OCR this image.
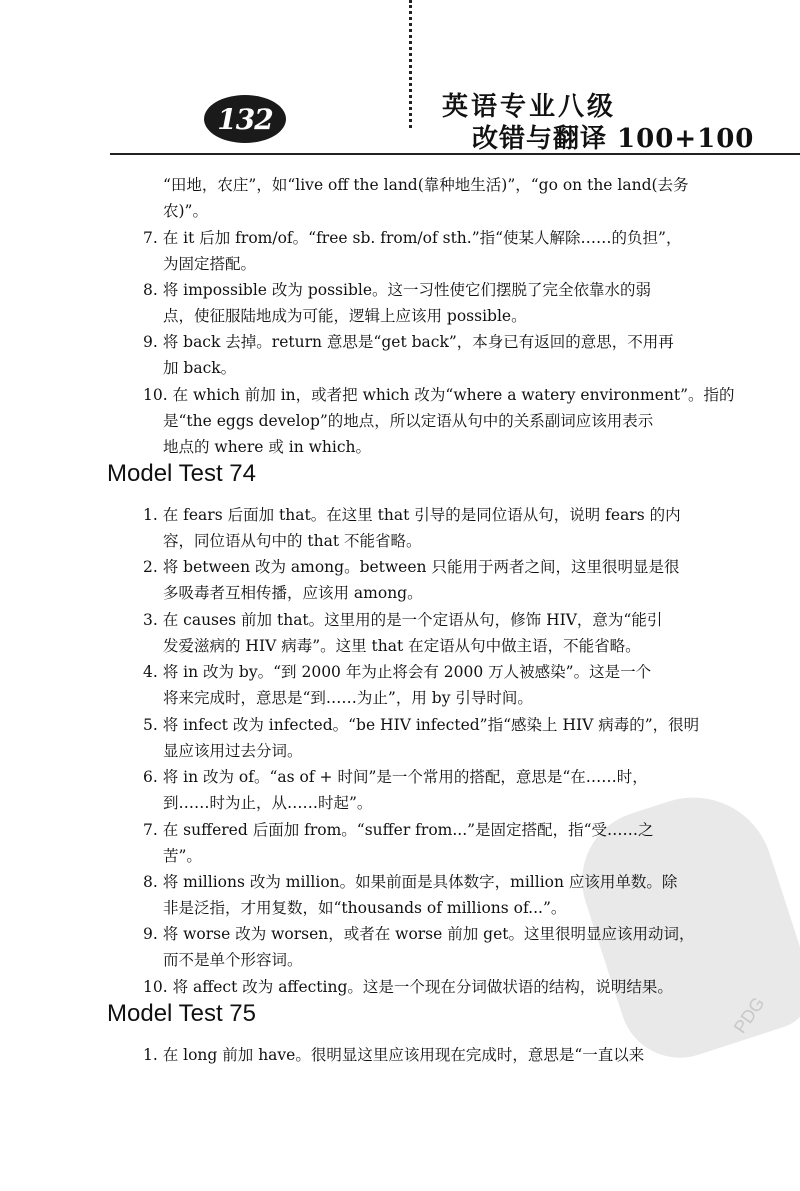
132	英语专业八级
改错与翻译 100+100
PDG
“田地，农庄”，如“live off the land(靠种地生活)”，“go on the land(去务
农)”。
7. 在 it 后加 from/of。“free sb. from/of sth.”指“使某人解除……的负担”，
为固定搭配。
8. 将 impossible 改为 possible。这一习性使它们摆脱了完全依靠水的弱
点，使征服陆地成为可能，逻辑上应该用 possible。
9. 将 back 去掉。return 意思是“get back”，本身已有返回的意思，不用再
加 back。
10. 在 which 前加 in，或者把 which 改为“where a watery environment”。指的
是“the eggs develop”的地点，所以定语从句中的关系副词应该用表示
地点的 where 或 in which。
Model Test 74
1. 在 fears 后面加 that。在这里 that 引导的是同位语从句，说明 fears 的内
容，同位语从句中的 that 不能省略。
2. 将 between 改为 among。between 只能用于两者之间，这里很明显是很
多吸毒者互相传播，应该用 among。
3. 在 causes 前加 that。这里用的是一个定语从句，修饰 HIV，意为“能引
发爱滋病的 HIV 病毒”。这里 that 在定语从句中做主语，不能省略。
4. 将 in 改为 by。“到 2000 年为止将会有 2000 万人被感染”。这是一个
将来完成时，意思是“到……为止”，用 by 引导时间。
5. 将 infect 改为 infected。“be HIV infected”指“感染上 HIV 病毒的”，很明
显应该用过去分词。
6. 将 in 改为 of。“as of + 时间”是一个常用的搭配，意思是“在……时，
到……时为止，从……时起”。
7. 在 suffered 后面加 from。“suffer from...”是固定搭配，指“受……之
苦”。
8. 将 millions 改为 million。如果前面是具体数字，million 应该用单数。除
非是泛指，才用复数，如“thousands of millions of...”。
9. 将 worse 改为 worsen，或者在 worse 前加 get。这里很明显应该用动词，
而不是单个形容词。
10. 将 affect 改为 affecting。这是一个现在分词做状语的结构，说明结果。
Model Test 75
1. 在 long 前加 have。很明显这里应该用现在完成时，意思是“一直以来
